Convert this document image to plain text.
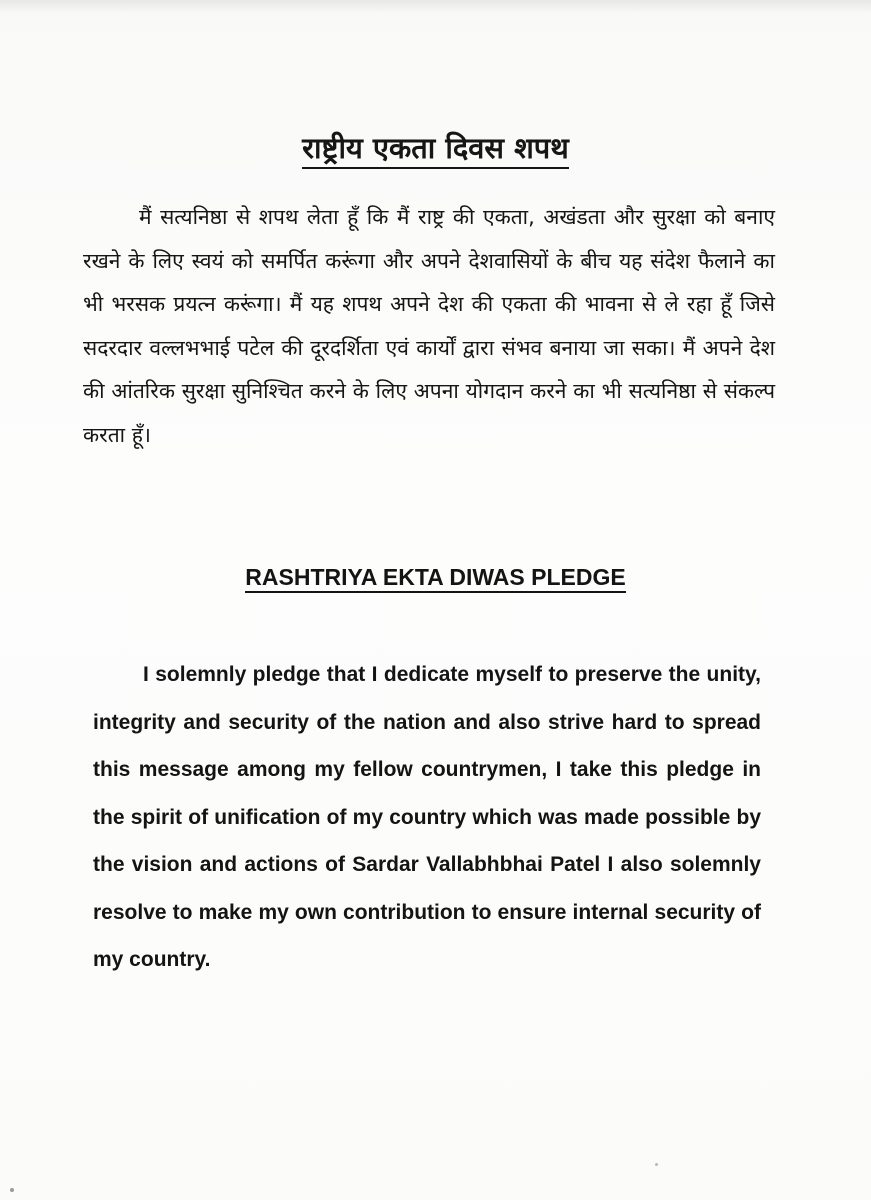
राष्ट्रीय एकता दिवस शपथ

मैं सत्यनिष्ठा से शपथ लेता हूँ कि मैं राष्ट्र की एकता, अखंडता और सुरक्षा को बनाए रखने के लिए स्वयं को समर्पित करूंगा और अपने देशवासियों के बीच यह संदेश फैलाने का भी भरसक प्रयत्न करूंगा। मैं यह शपथ अपने देश की एकता की भावना से ले रहा हूँ जिसे सदरदार वल्लभभाई पटेल की दूरदर्शिता एवं कार्यों द्वारा संभव बनाया जा सका। मैं अपने देश की आंतरिक सुरक्षा सुनिश्चित करने के लिए अपना योगदान करने का भी सत्यनिष्ठा से संकल्प करता हूँ।

RASHTRIYA EKTA DIWAS PLEDGE

I solemnly pledge that I dedicate myself to preserve the unity, integrity and security of the nation and also strive hard to spread this message among my fellow countrymen, I take this pledge in the spirit of unification of my country which was made possible by the vision and actions of Sardar Vallabhbhai Patel I also solemnly resolve to make my own contribution to ensure internal security of my country.
